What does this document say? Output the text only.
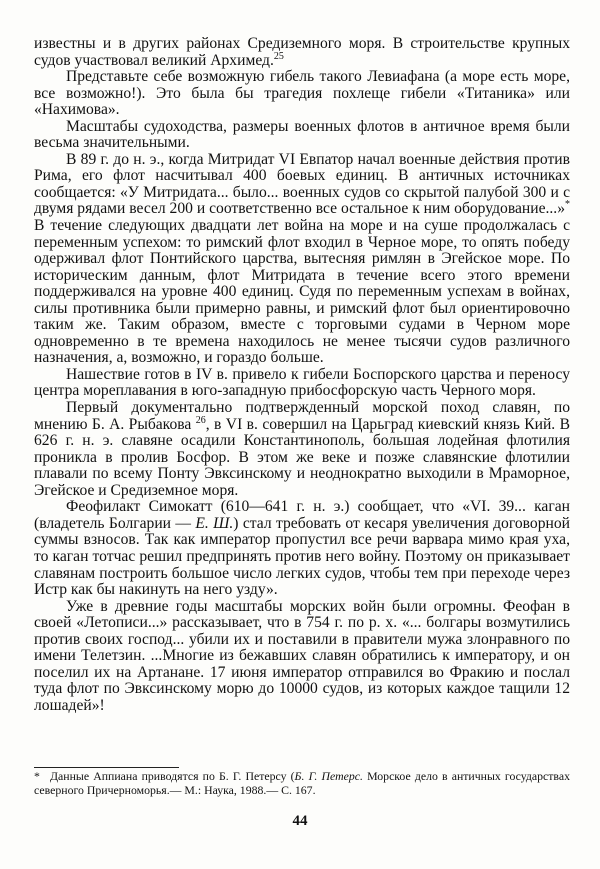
известны и в других районах Средиземного моря. В строительстве крупных судов участвовал великий Архимед.$^{25}$

Представьте себе возможную гибель такого Левиафана (а море есть море, все возможно!). Это была бы трагедия похлеще гибели «Титаника» или «Нахимова».

Масштабы судоходства, размеры военных флотов в античное время были весьма значительными.

В 89 г. до н. э., когда Митридат VI Евпатор начал военные действия против Рима, его флот насчитывал 400 боевых единиц. В античных источниках сообщается: «У Митридата... было... военных судов со скрытой палубой 300 и с двумя рядами весел 200 и соответственно все остальное к ним оборудование...»* В течение следующих двадцати лет война на море и на суше продолжалась с переменным успехом: то римский флот входил в Черное море, то опять победу одерживал флот Понтийского царства, вытесняя римлян в Эгейское море. По историческим данным, флот Митридата в течение всего этого времени поддерживался на уровне 400 единиц. Судя по переменным успехам в войнах, силы противника были примерно равны, и римский флот был ориентировочно таким же. Таким образом, вместе с торговыми судами в Черном море одновременно в те времена находилось не менее тысячи судов различного назначения, а, возможно, и гораздо больше.

Нашествие готов в IV в. привело к гибели Боспорского царства и переносу центра мореплавания в юго-западную прибосфорскую часть Черного моря.

Первый документально подтвержденный морской поход славян, по мнению Б. А. Рыбакова $^{26}$, в VI в. совершил на Царьград киевский князь Кий. В 626 г. н. э. славяне осадили Константинополь, большая лодейная флотилия проникла в пролив Босфор. В этом же веке и позже славянские флотилии плавали по всему Понту Эвксинскому и неоднократно выходили в Мраморное, Эгейское и Средиземное моря.

Феофилакт Симокатт (610—641 г. н. э.) сообщает, что «VI. 39... каган (владетель Болгарии — Е. Ш.) стал требовать от кесаря увеличения договорной суммы взносов. Так как император пропустил все речи варвара мимо края уха, то каган тотчас решил предпринять против него войну. Поэтому он приказывает славянам построить большое число легких судов, чтобы тем при переходе через Истр как бы накинуть на него узду».

Уже в древние годы масштабы морских войн были огромны. Феофан в своей «Летописи...» рассказывает, что в 754 г. по р. х. «... болгары возмутились против своих господ... убили их и поставили в правители мужа злонравного по имени Телетзин. ...Многие из бежавших славян обратились к императору, и он поселил их на Артанане. 17 июня император отправился во Фракию и послал туда флот по Эвксинскому морю до 10000 судов, из которых каждое тащили 12 лошадей»!

* Данные Аппиана приводятся по Б. Г. Петерсу (Б. Г. Петерс. Морское дело в античных государствах северного Причерноморья.— М.: Наука, 1988.— С. 167.
44
